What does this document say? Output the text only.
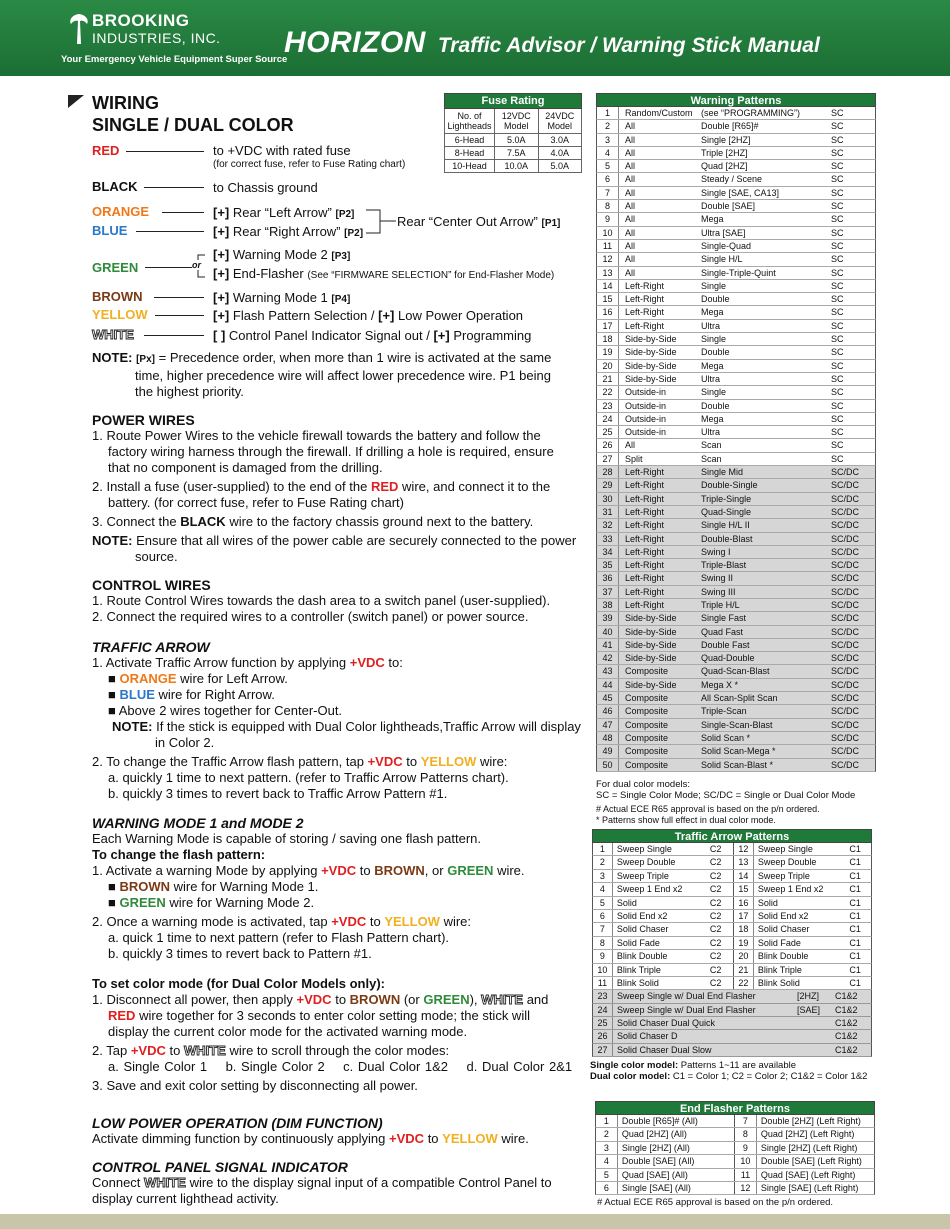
BROOKING
INDUSTRIES, INC.
Your Emergency Vehicle Equipment Super Source
HORIZON Traffic Advisor / Warning Stick Manual
WIRING
SINGLE / DUAL COLOR
RED	to +VDC with rated fuse
(for correct fuse, refer to Fuse Rating chart)
BLACK	to Chassis ground
ORANGE	[+] Rear “Left Arrow” [P2]
BLUE	[+] Rear “Right Arrow” [P2]
Rear “Center Out Arrow” [P1]
GREEN	or
[+] Warning Mode 2 [P3]
[+] End-Flasher (See “FIRMWARE SELECTION” for End-Flasher Mode)
BROWN	[+] Warning Mode 1 [P4]
YELLOW	[+] Flash Pattern Selection / [+] Low Power Operation
WHITE	[ ] Control Panel Indicator Signal out / [+] Programming
NOTE: [Px] = Precedence order, when more than 1 wire is activated at the same
time, higher precedence wire will affect lower precedence wire. P1 being
the highest priority.
POWER WIRES
1. Route Power Wires to the vehicle firewall towards the battery and follow the
factory wiring harness through the firewall. If drilling a hole is required, ensure
that no component is damaged from the drilling.
2. Install a fuse (user-supplied) to the end of the RED wire, and connect it to the
battery. (for correct fuse, refer to Fuse Rating chart)
3. Connect the BLACK wire to the factory chassis ground next to the battery.
NOTE: Ensure that all wires of the power cable are securely connected to the power
source.
CONTROL WIRES
1. Route Control Wires towards the dash area to a switch panel (user-supplied).
2. Connect the required wires to a controller (switch panel) or power source.
TRAFFIC ARROW
1. Activate Traffic Arrow function by applying +VDC to:
■ ORANGE wire for Left Arrow.
■ BLUE wire for Right Arrow.
■ Above 2 wires together for Center-Out.
NOTE: If the stick is equipped with Dual Color lightheads,Traffic Arrow will display
in Color 2.
2. To change the Traffic Arrow flash pattern, tap +VDC to YELLOW wire:
a. quickly 1 time to next pattern. (refer to Traffic Arrow Patterns chart).
b. quickly 3 times to revert back to Traffic Arrow Pattern #1.
WARNING MODE 1 and MODE 2
Each Warning Mode is capable of storing / saving one flash pattern.
To change the flash pattern:
1. Activate a warning Mode by applying +VDC to BROWN, or GREEN wire.
■ BROWN wire for Warning Mode 1.
■ GREEN wire for Warning Mode 2.
2. Once a warning mode is activated, tap +VDC to YELLOW wire:
a. quick 1 time to next pattern (refer to Flash Pattern chart).
b. quickly 3 times to revert back to Pattern #1.
To set color mode (for Dual Color Models only):
1. Disconnect all power, then apply +VDC to BROWN (or GREEN), WHITE and
RED wire together for 3 seconds to enter color setting mode; the stick will
display the current color mode for the activated warning mode.
2. Tap +VDC to WHITE wire to scroll through the color modes:
a. Single Color 1 b. Single Color 2 c. Dual Color 1&2 d. Dual Color 2&1
3. Save and exit color setting by disconnecting all power.
LOW POWER OPERATION (DIM FUNCTION)
Activate dimming function by continuously applying +VDC to YELLOW wire.
CONTROL PANEL SIGNAL INDICATOR
Connect WHITE wire to the display signal input of a compatible Control Panel to
display current lighthead activity.
Fuse Rating		
No. of Lightheads	12VDC Model	24VDC Model
6-Head	5.0A	3.0A
8-Head	7.5A	4.0A
10-Head	10.0A	5.0A
Warning Patterns
1	Random/Custom (see “PROGRAMMING”)	SC
2	All	Double [R65]#	SC
3	All	Single [2HZ]	SC
4	All	Triple [2HZ]	SC
5	All	Quad [2HZ]	SC
6	All	Steady / Scene	SC
7	All	Single [SAE, CA13]	SC
8	All	Double [SAE]	SC
9	All	Mega	SC
10	All	Ultra [SAE]	SC
11	All	Single-Quad	SC
12	All	Single H/L	SC
13	All	Single-Triple-Quint	SC
14	Left-Right	Single	SC
15	Left-Right	Double	SC
16	Left-Right	Mega	SC
17	Left-Right	Ultra	SC
18	Side-by-Side	Single	SC
19	Side-by-Side	Double	SC
20	Side-by-Side	Mega	SC
21	Side-by-Side	Ultra	SC
22	Outside-in	Single	SC
23	Outside-in	Double	SC
24	Outside-in	Mega	SC
25	Outside-in	Ultra	SC
26	All	Scan	SC
27	Split	Scan	SC
28	Left-Right	Single Mid	SC/DC
29	Left-Right	Double-Single	SC/DC
30	Left-Right	Triple-Single	SC/DC
31	Left-Right	Quad-Single	SC/DC
32	Left-Right	Single H/L II	SC/DC
33	Left-Right	Double-Blast	SC/DC
34	Left-Right	Swing I	SC/DC
35	Left-Right	Triple-Blast	SC/DC
36	Left-Right	Swing II	SC/DC
37	Left-Right	Swing III	SC/DC
38	Left-Right	Triple H/L	SC/DC
39	Side-by-Side	Single Fast	SC/DC
40	Side-by-Side	Quad Fast	SC/DC
41	Side-by-Side	Double Fast	SC/DC
42	Side-by-Side	Quad-Double	SC/DC
43	Composite	Quad-Scan-Blast	SC/DC
44	Side-by-Side	Mega X *	SC/DC
45	Composite	All Scan-Split Scan	SC/DC
46	Composite	Triple-Scan	SC/DC
47	Composite	Single-Scan-Blast	SC/DC
48	Composite	Solid Scan *	SC/DC
49	Composite	Solid Scan-Mega *	SC/DC
50	Composite	Solid Scan-Blast *	SC/DC
For dual color models:
SC = Single Color Mode; SC/DC = Single or Dual Color Mode
# Actual ECE R65 approval is based on the p/n ordered.
* Patterns show full effect in dual color mode.
Traffic Arrow Patterns
1	Sweep Single	C2	12	Sweep Single	C1
2	Sweep Double	C2	13	Sweep Double	C1
3	Sweep Triple	C2	14	Sweep Triple	C1
4	Sweep 1 End x2	C2	15	Sweep 1 End x2	C1
5	Solid	C2	16	Solid	C1
6	Solid End x2	C2	17	Solid End x2	C1
7	Solid Chaser	C2	18	Solid Chaser	C1
8	Solid Fade	C2	19	Solid Fade	C1
9	Blink Double	C2	20	Blink Double	C1
10	Blink Triple	C2	21	Blink Triple	C1
11	Blink Solid	C2	22	Blink Solid	C1
23	Sweep Single w/ Dual End Flasher	[2HZ]	C1&2
24	Sweep Single w/ Dual End Flasher	[SAE]	C1&2
25	Solid Chaser Dual Quick	C1&2
26	Solid Chaser D	C1&2
27	Solid Chaser Dual Slow	C1&2
Single color model: Patterns 1~11 are available
Dual color model: C1 = Color 1; C2 = Color 2; C1&2 = Color 1&2
End Flasher Patterns
1	Double [R65]# (All)	7	Double [2HZ] (Left Right)
2	Quad [2HZ] (All)	8	Quad [2HZ] (Left Right)
3	Single [2HZ] (All)	9	Single [2HZ] (Left Right)
4	Double [SAE] (All)	10	Double [SAE] (Left Right)
5	Quad [SAE] (All)	11	Quad [SAE] (Left Right)
6	Single [SAE] (All)	12	Single [SAE] (Left Right)
# Actual ECE R65 approval is based on the p/n ordered.
